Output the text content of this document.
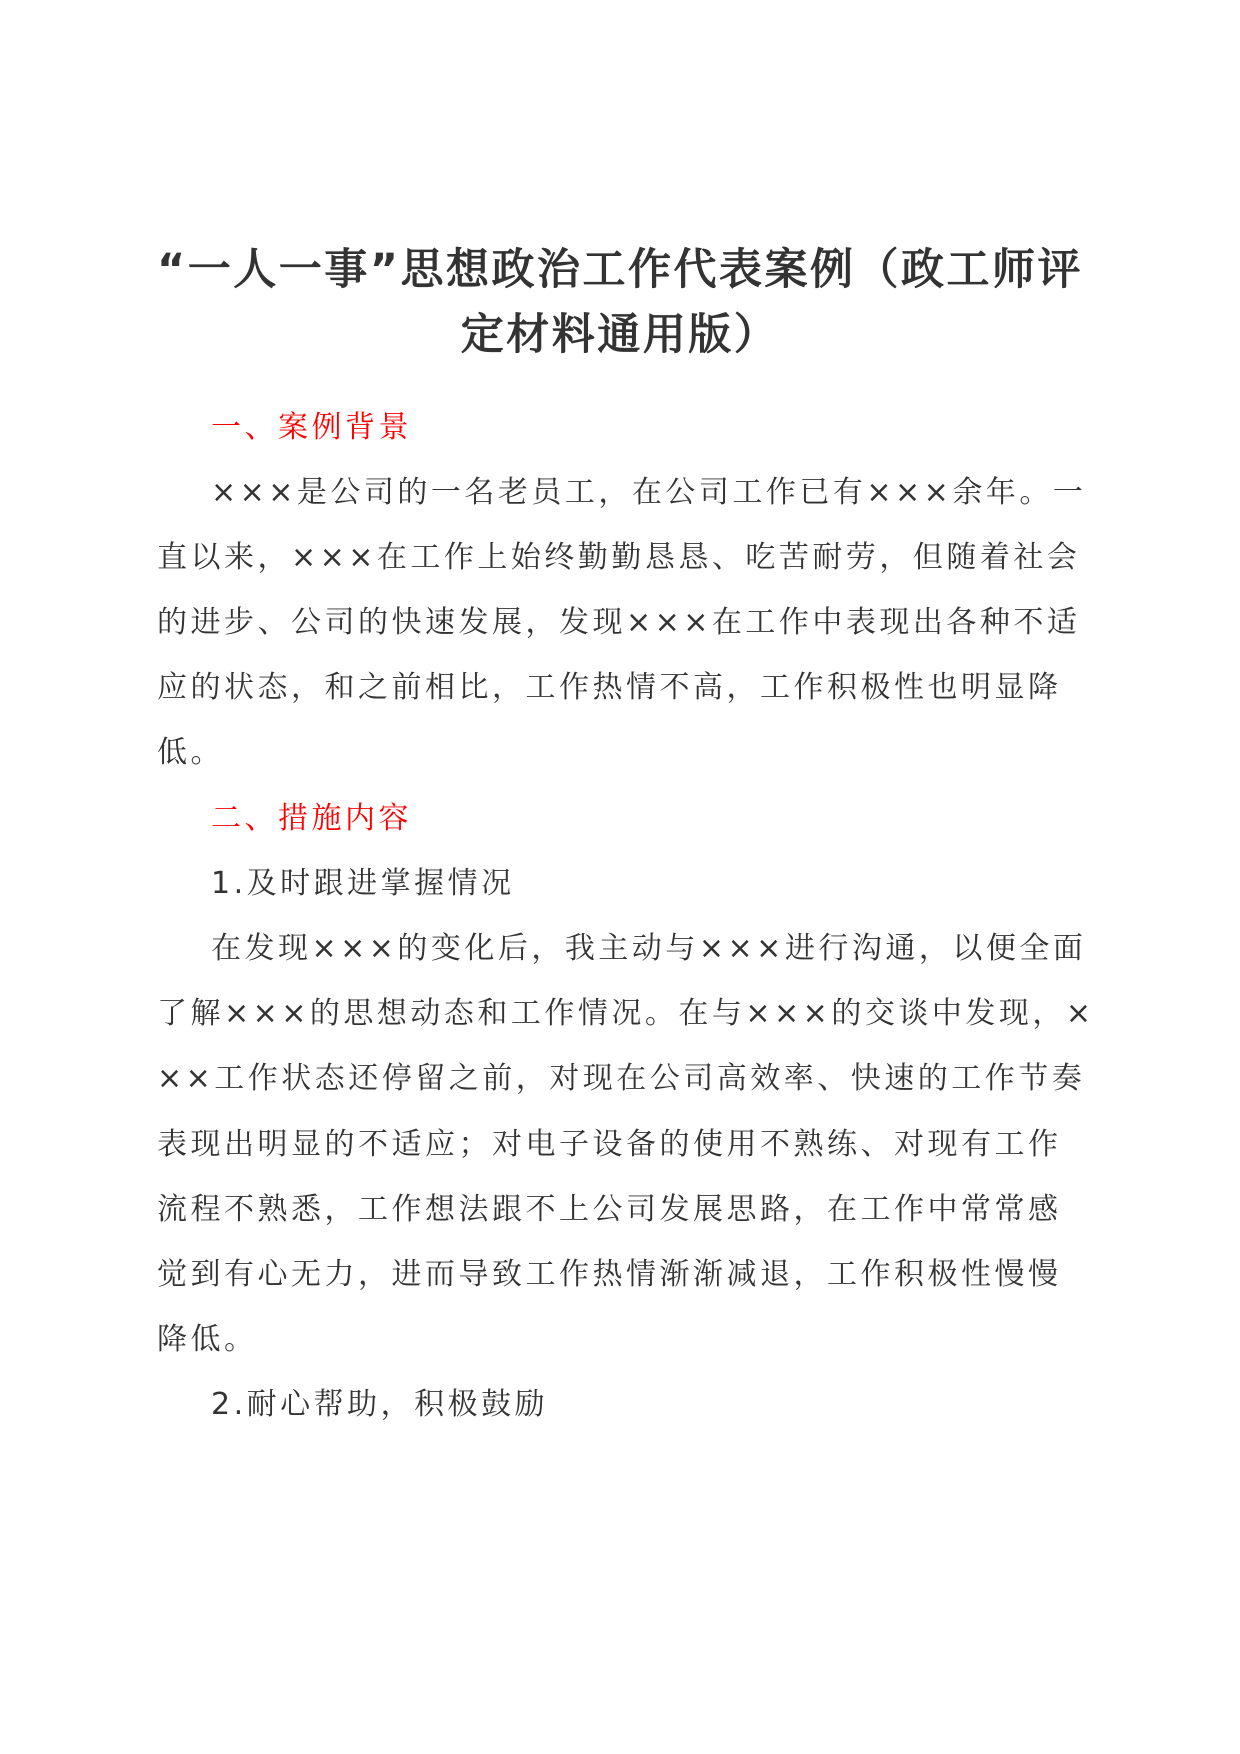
“一人一事”思想政治工作代表案例（政工师评
定材料通用版）
一、案例背景
×××是公司的一名老员工，在公司工作已有×××余年。一
直以来，×××在工作上始终勤勤恳恳、吃苦耐劳，但随着社会
的进步、公司的快速发展，发现×××在工作中表现出各种不适
应的状态，和之前相比，工作热情不高，工作积极性也明显降
低。
二、措施内容
1.及时跟进掌握情况
在发现×××的变化后，我主动与×××进行沟通，以便全面
了解×××的思想动态和工作情况。在与×××的交谈中发现，×
××工作状态还停留之前，对现在公司高效率、快速的工作节奏
表现出明显的不适应；对电子设备的使用不熟练、对现有工作
流程不熟悉，工作想法跟不上公司发展思路，在工作中常常感
觉到有心无力，进而导致工作热情渐渐减退，工作积极性慢慢
降低。
2.耐心帮助，积极鼓励
